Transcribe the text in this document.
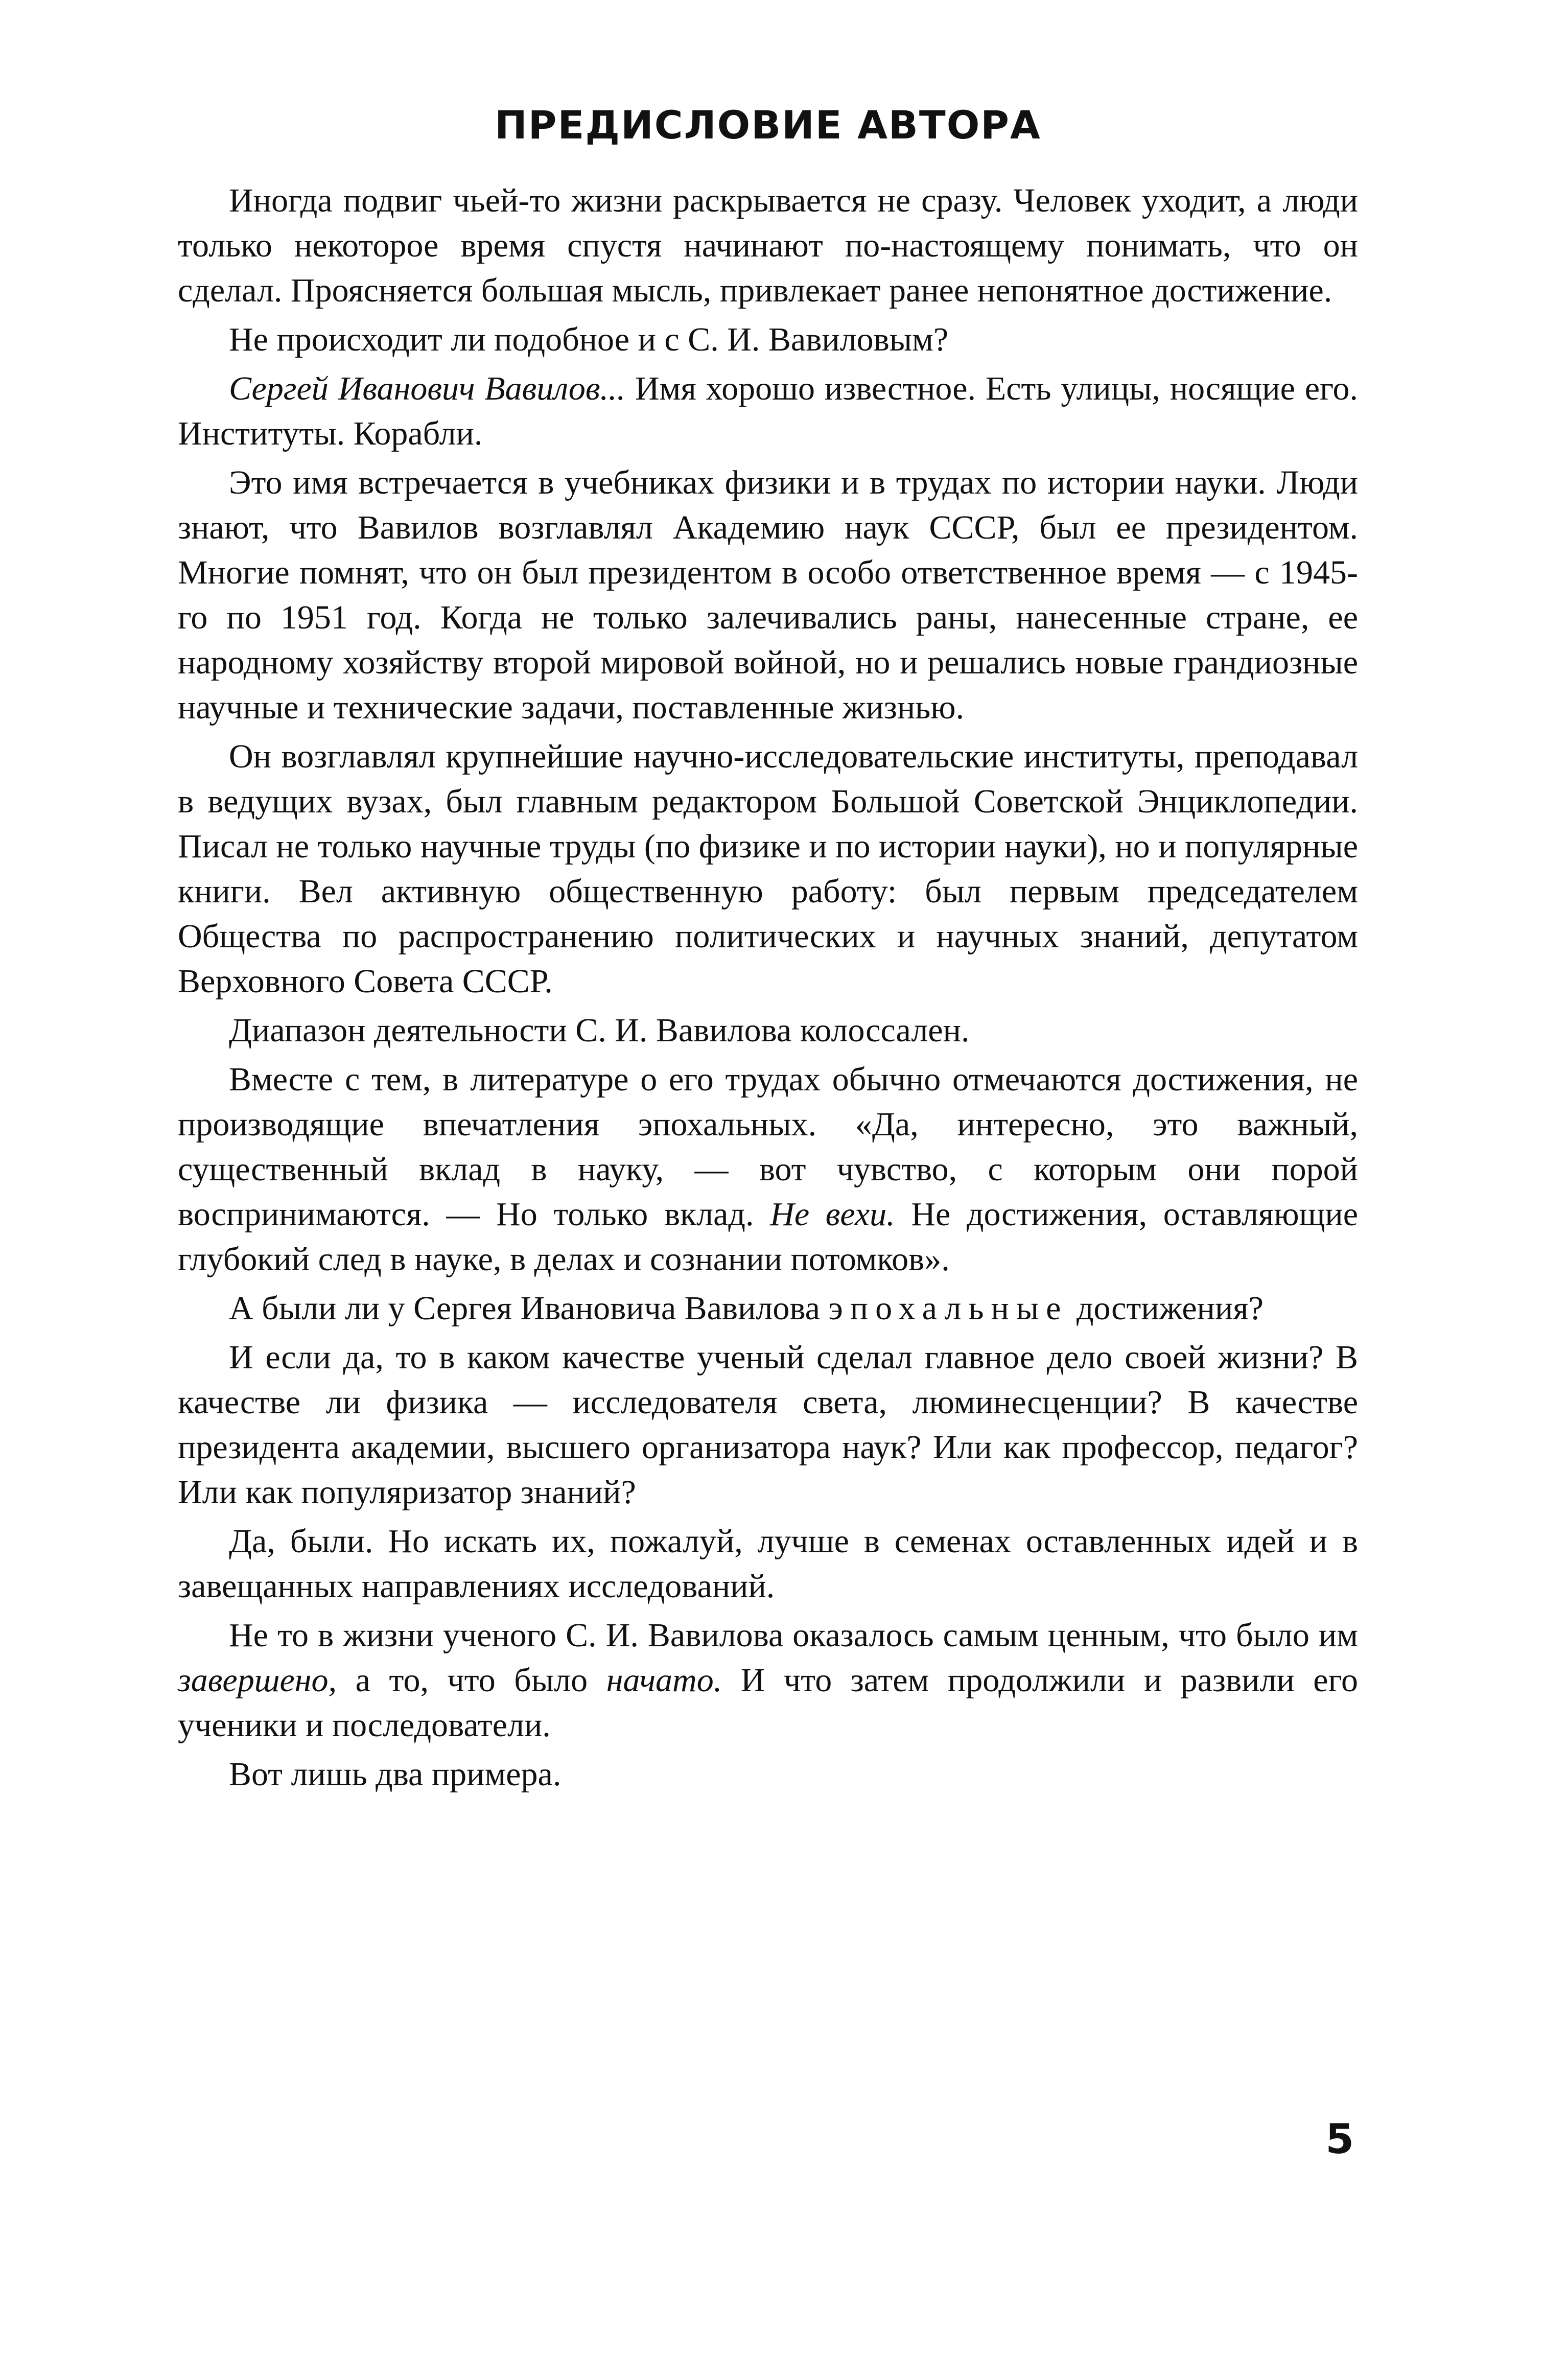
ПРЕДИСЛОВИЕ АВТОРА

Иногда подвиг чьей-то жизни раскрывается не сразу. Человек уходит, а люди только некоторое время спустя начинают по-настоящему понимать, что он сделал. Проясняется большая мысль, привлекает ранее непонятное достижение.

Не происходит ли подобное и с С. И. Вавиловым?

Сергей Иванович Вавилов... Имя хорошо известное. Есть улицы, носящие его. Институты. Корабли.

Это имя встречается в учебниках физики и в трудах по истории науки. Люди знают, что Вавилов возглавлял Академию наук СССР, был ее президентом. Многие помнят, что он был президентом в особо ответственное время — с 1945-го по 1951 год. Когда не только залечивались раны, нанесенные стране, ее народному хозяйству второй мировой войной, но и решались новые грандиозные научные и технические задачи, поставленные жизнью.

Он возглавлял крупнейшие научно-исследовательские институты, преподавал в ведущих вузах, был главным редактором Большой Советской Энциклопедии. Писал не только научные труды (по физике и по истории науки), но и популярные книги. Вел активную общественную работу: был первым председателем Общества по распространению политических и научных знаний, депутатом Верховного Совета СССР.

Диапазон деятельности С. И. Вавилова колоссален.

Вместе с тем, в литературе о его трудах обычно отмечаются достижения, не производящие впечатления эпохальных. «Да, интересно, это важный, существенный вклад в науку, — вот чувство, с которым они порой воспринимаются. — Но только вклад. Не вехи. Не достижения, оставляющие глубокий след в науке, в делах и сознании потомков».

А были ли у Сергея Ивановича Вавилова эпохальные достижения?

И если да, то в каком качестве ученый сделал главное дело своей жизни? В качестве ли физика — исследователя света, люминесценции? В качестве президента академии, высшего организатора наук? Или как профессор, педагог? Или как популяризатор знаний?

Да, были. Но искать их, пожалуй, лучше в семенах оставленных идей и в завещанных направлениях исследований.

Не то в жизни ученого С. И. Вавилова оказалось самым ценным, что было им завершено, а то, что было начато. И что затем продолжили и развили его ученики и последователи.

Вот лишь два примера.

5
